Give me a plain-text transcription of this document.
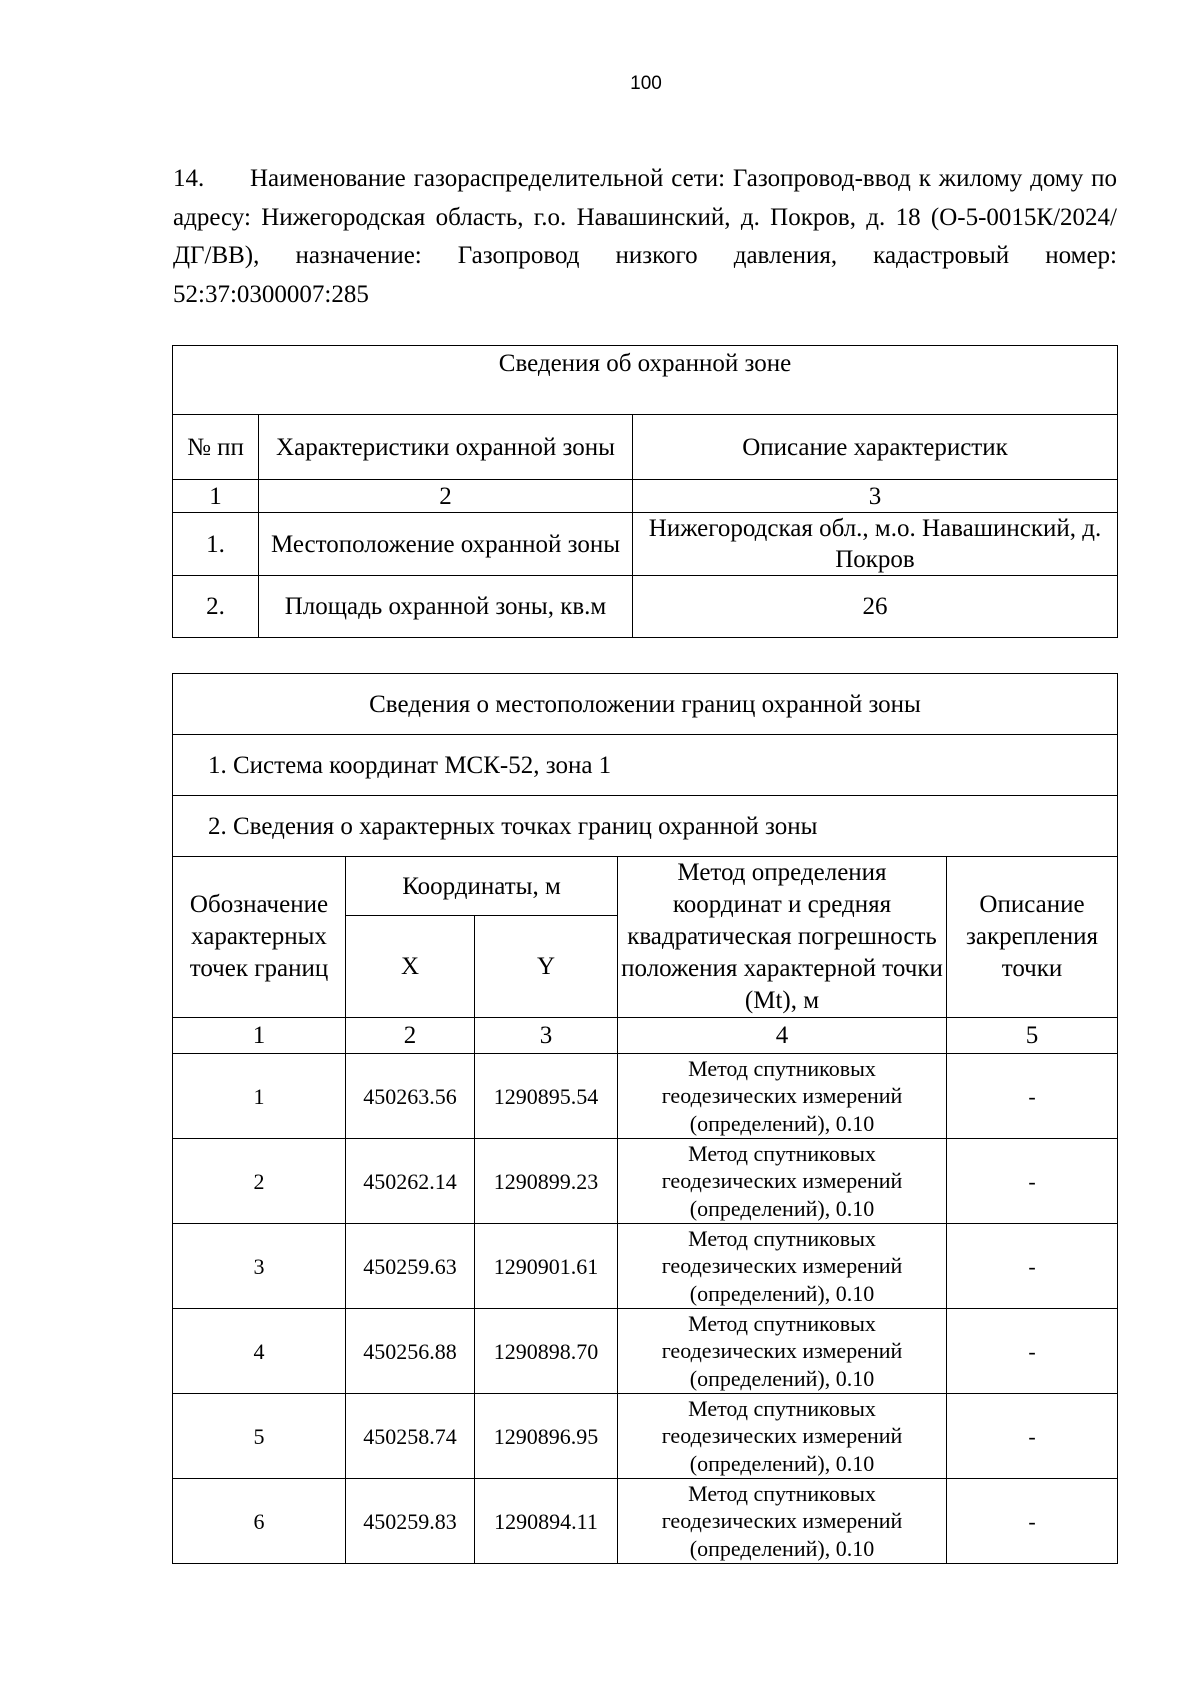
100

14. Наименование газораспределительной сети: Газопровод-ввод к жилому дому по адресу: Нижегородская область, г.о. Навашинский, д. Покров, д. 18 (О-5-0015К/2024/ДГ/ВВ), назначение: Газопровод низкого давления, кадастровый номер: 52:37:0300007:285

Сведения об охранной зоне		
№ пп	Характеристики охранной зоны	Описание характеристик
1	2	3
1.	Местоположение охранной зоны	Нижегородская обл., м.о. Навашинский, д. Покров
2.	Площадь охранной зоны, кв.м	26
Сведения о местоположении границ охранной зоны				
1. Система координат МСК-52, зона 1				
2. Сведения о характерных точках границ охранной зоны				
Обозначение характерных точек границ	Координаты, м		Метод определения координат и средняя квадратическая погрешность положения характерной точки (Mt), м	Описание закрепления точки
	X	Y		
1	2	3	4	5
1	450263.56	1290895.54	Метод спутниковых геодезических измерений (определений), 0.10	-
2	450262.14	1290899.23	Метод спутниковых геодезических измерений (определений), 0.10	-
3	450259.63	1290901.61	Метод спутниковых геодезических измерений (определений), 0.10	-
4	450256.88	1290898.70	Метод спутниковых геодезических измерений (определений), 0.10	-
5	450258.74	1290896.95	Метод спутниковых геодезических измерений (определений), 0.10	-
6	450259.83	1290894.11	Метод спутниковых геодезических измерений (определений), 0.10	-
